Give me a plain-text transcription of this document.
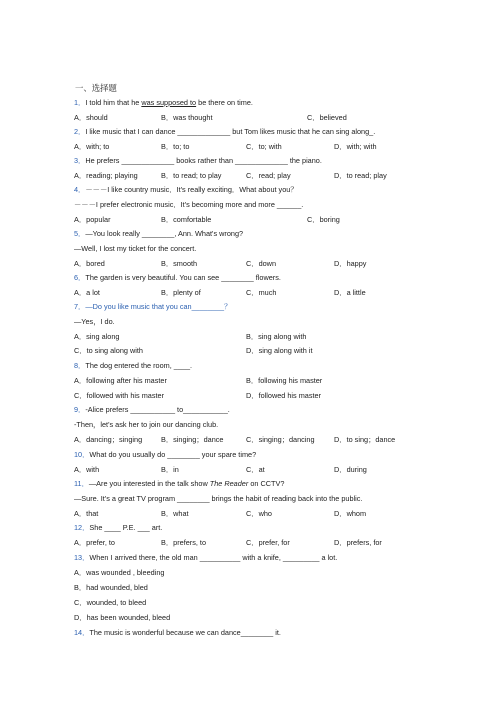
一、选择题
1．I told him that he was supposed to be there on time.
A．should	B．was thought	C．believed
2．I like music that I can dance _____________ but Tom likes music that he can sing along_.
A．with; to	B．to; to	C．to; with	D．with; with
3．He prefers _____________ books rather than _____________ the piano.
A．reading; playing	B．to read; to play	C．read; play	D．to read; play
4．－－－I like country music．It's really exciting．What about you？
－－－I prefer electronic music．It's becoming more and more ______.
A．popular	B．comfortable	C．boring
5．—You look really ________, Ann. What's wrong?
—Well, I lost my ticket for the concert.
A．bored	B．smooth	C．down	D．happy
6．The garden is very beautiful. You can see ________ flowers.
A．a lot	B．plenty of	C．much	D．a little
7．—Do you like music that you can________？
—Yes，I do.
A．sing along	B．sing along with
C．to sing along with	D．sing along with it
8．The dog entered the room, ____.
A．following after his master	B．following his master
C．followed with his master	D．followed his master
9．-Alice prefers ___________ to___________.
-Then，let's ask her to join our dancing club.
A．dancing；singing	B．singing；dance	C．singing；dancing	D．to sing；dance
10．What do you usually do ________ your spare time?
A．with	B．in	C．at	D．during
11．—Are you interested in the talk show The Reader on CCTV?
—Sure. It's a great TV program ________ brings the habit of reading back into the public.
A．that	B．what	C．who	D．whom
12．She ____ P.E. ___ art.
A．prefer, to	B．prefers, to	C．prefer, for	D．prefers, for
13．When I arrived there, the old man __________ with a knife, _________ a lot.
A．was wounded , bleeding
B．had wounded, bled
C．wounded, to bleed
D．has been wounded, bleed
14．The music is wonderful because we can dance________ it.
